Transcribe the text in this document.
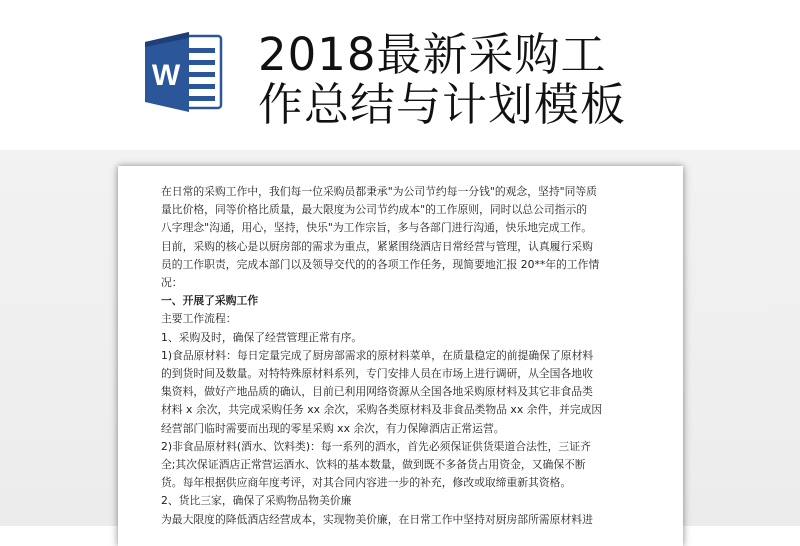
W 2018最新采购工
作总结与计划模板

在日常的采购工作中，我们每一位采购员都秉承"为公司节约每一分钱"的观念，坚持"同等质

量比价格，同等价格比质量，最大限度为公司节约成本"的工作原则，同时以总公司指示的

八字理念"沟通，用心，坚持，快乐"为工作宗旨，多与各部门进行沟通，快乐地完成工作。

目前，采购的核心是以厨房部的需求为重点，紧紧围绕酒店日常经营与管理，认真履行采购

员的工作职责，完成本部门以及领导交代的的各项工作任务，现简要地汇报 20**年的工作情

况：

一、开展了采购工作

主要工作流程：

1、采购及时，确保了经营管理正常有序。

1)食品原材料：每日定量完成了厨房部需求的原材料菜单，在质量稳定的前提确保了原材料

的到货时间及数量。对特特殊原材料系列，专门安排人员在市场上进行调研，从全国各地收

集资料，做好产地品质的确认，目前已利用网络资源从全国各地采购原材料及其它非食品类

材料 x 余次，共完成采购任务 xx 余次，采购各类原材料及非食品类物品 xx 余件，并完成因

经营部门临时需要而出现的零星采购 xx 余次，有力保障酒店正常运营。

2)非食品原材料(酒水、饮料类)：每一系列的酒水，首先必须保证供货渠道合法性，三证齐

全;其次保证酒店正常营运酒水、饮料的基本数量，做到既不多备货占用资金，又确保不断

货。每年根据供应商年度考评，对其合同内容进一步的补充，修改或取缔重新其资格。

2、货比三家，确保了采购物品物美价廉

为最大限度的降低酒店经营成本，实现物美价廉，在日常工作中坚持对厨房部所需原材料进
